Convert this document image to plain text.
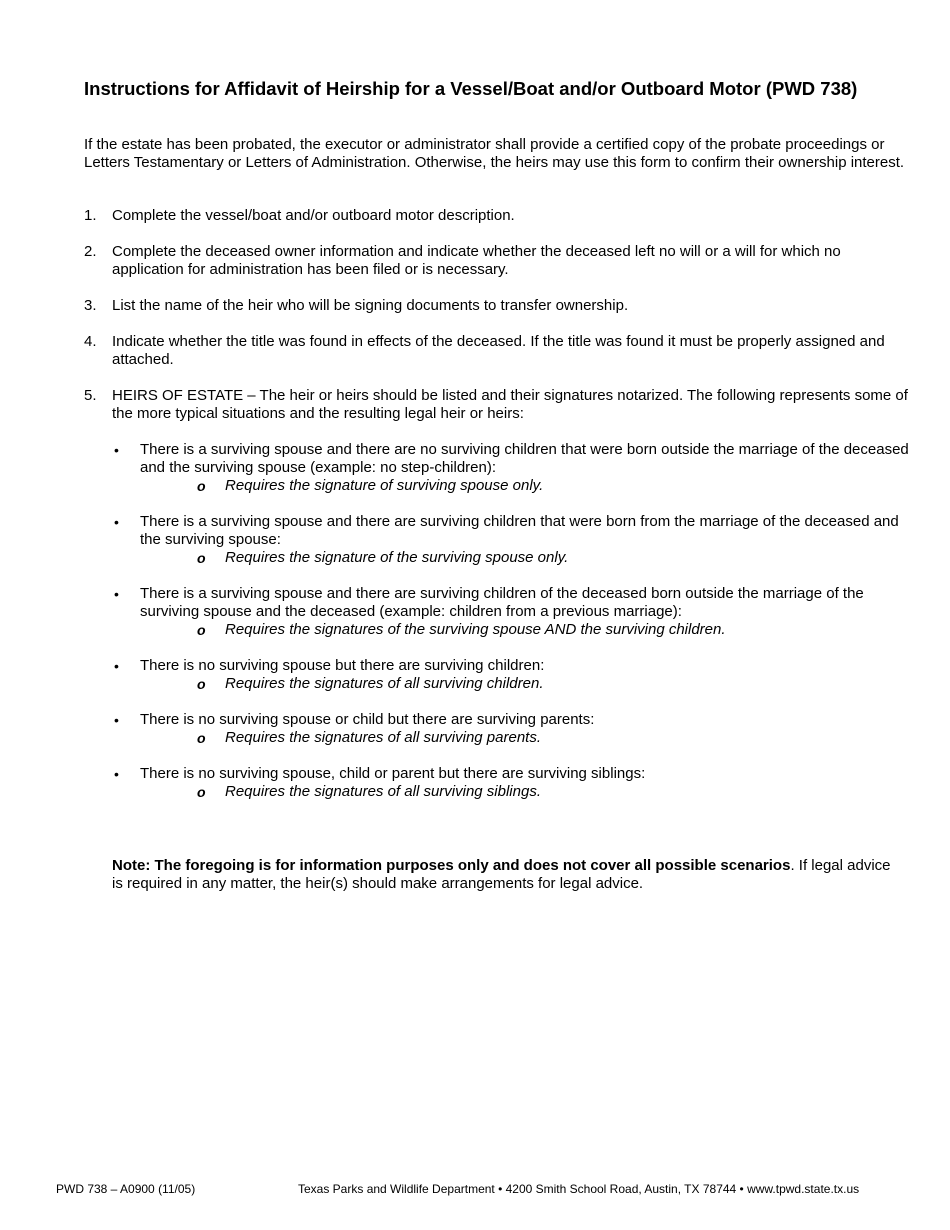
Instructions for Affidavit of Heirship for a Vessel/Boat and/or Outboard Motor (PWD 738)

If the estate has been probated, the executor or administrator shall provide a certified copy of the probate proceedings or Letters Testamentary or Letters of Administration. Otherwise, the heirs may use this form to confirm their ownership interest.

1. Complete the vessel/boat and/or outboard motor description.
2. Complete the deceased owner information and indicate whether the deceased left no will or a will for which no application for administration has been filed or is necessary.
3. List the name of the heir who will be signing documents to transfer ownership.
4. Indicate whether the title was found in effects of the deceased. If the title was found it must be properly assigned and attached.
5. HEIRS OF ESTATE – The heir or heirs should be listed and their signatures notarized. The following represents some of the more typical situations and the resulting legal heir or heirs:
• There is a surviving spouse and there are no surviving children that were born outside the marriage of the deceased and the surviving spouse (example: no step-children):
o Requires the signature of surviving spouse only.
• There is a surviving spouse and there are surviving children that were born from the marriage of the deceased and the surviving spouse:
o Requires the signature of the surviving spouse only.
• There is a surviving spouse and there are surviving children of the deceased born outside the marriage of the surviving spouse and the deceased (example: children from a previous marriage):
o Requires the signatures of the surviving spouse AND the surviving children.
• There is no surviving spouse but there are surviving children:
o Requires the signatures of all surviving children.
• There is no surviving spouse or child but there are surviving parents:
o Requires the signatures of all surviving parents.
• There is no surviving spouse, child or parent but there are surviving siblings:
o Requires the signatures of all surviving siblings.

Note: The foregoing is for information purposes only and does not cover all possible scenarios. If legal advice is required in any matter, the heir(s) should make arrangements for legal advice.

PWD 738 – A0900 (11/05)	Texas Parks and Wildlife Department • 4200 Smith School Road, Austin, TX 78744 • www.tpwd.state.tx.us
